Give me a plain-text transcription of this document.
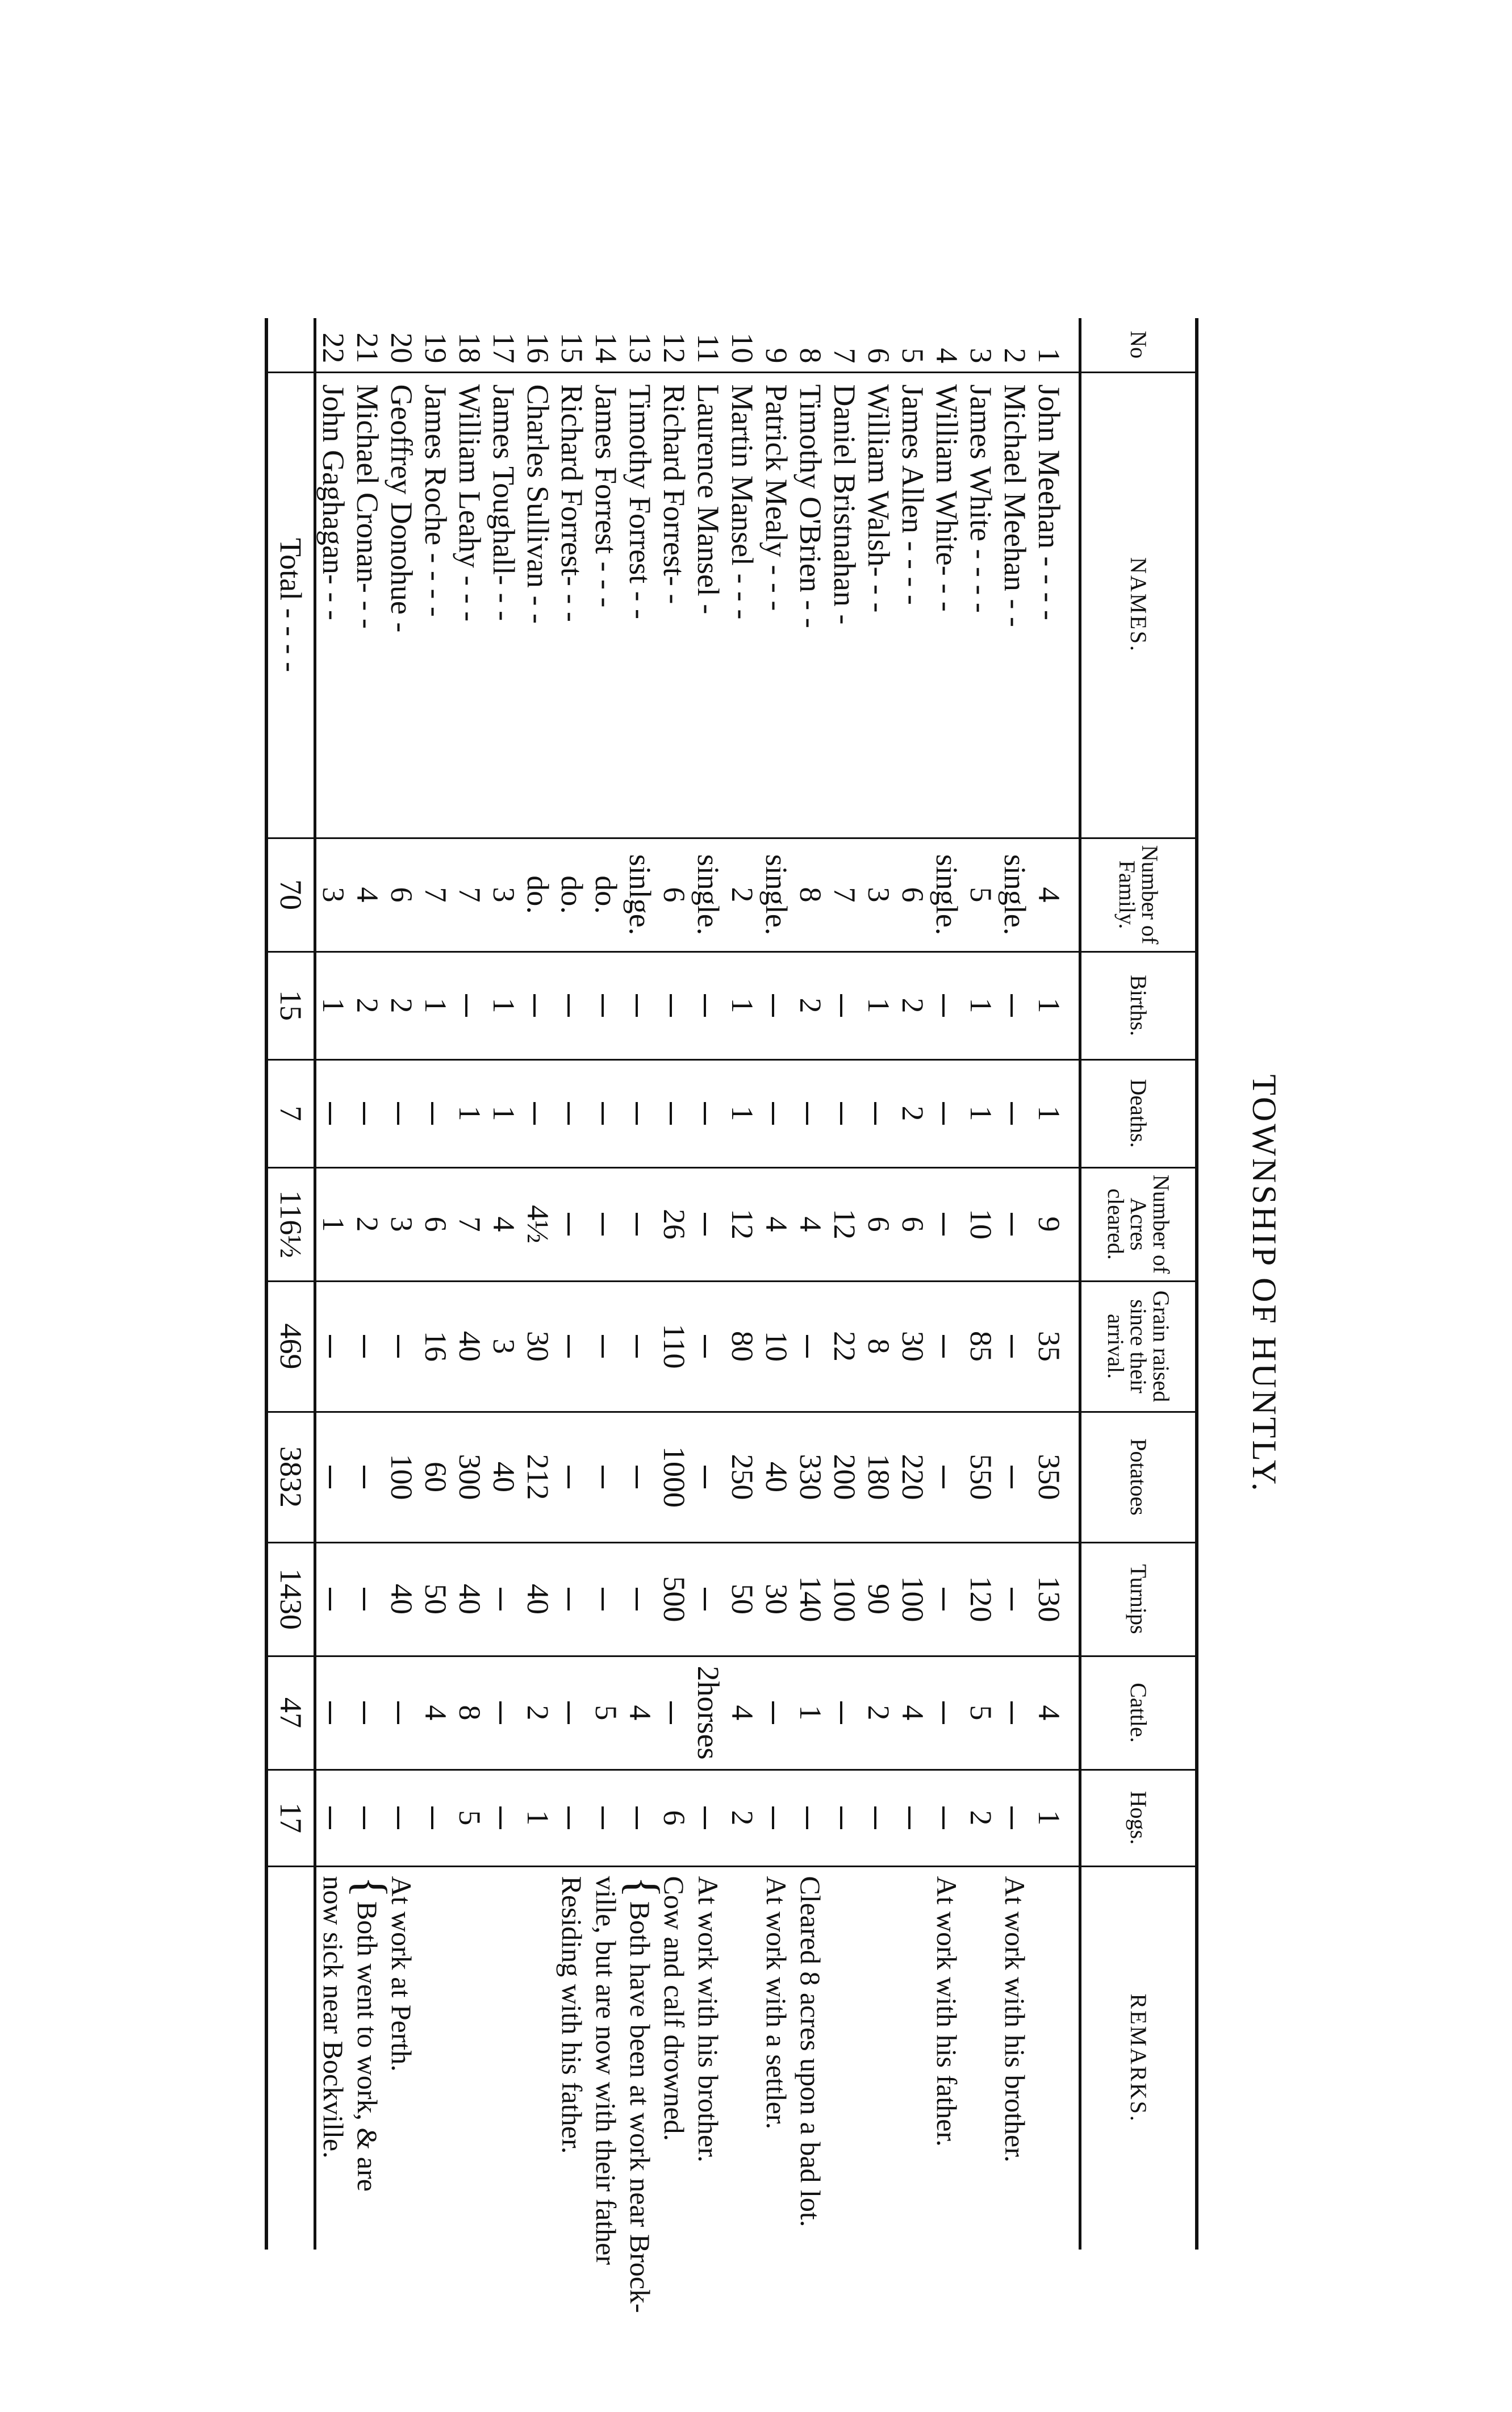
TOWNSHIP OF HUNTLY.
No	NAMES.	Number of Family.	Births.	Deaths.	Number of Acres cleared.	Grain raised since their arrival.	Potatoes	Turnips	Cattle.	Hogs.	REMARKS.
1	John Meehan - - - -	4	1	1	9	35	350	130	4	1	
2	Michael Meehan - -	single.									At work with his brother.
3	James White - - - -	5	1	1	10	85	550	120	5	2	
4	William White- - -	single.									At work with his father.
5	James Allen - - - -	6	2	2	6	30	220	100	4		
6	William Walsh- - -	3	1		6	8	180	90	2		
7	Daniel Bristnahan -	7			12	22	200	100			
8	Timothy O'Brien - -	8	2		4		330	140	1		Cleared 8 acres upon a bad lot.
9	Patrick Mealy - - -	single.			4	10	40	30			At work with a settler.
10	Martin Mansel - - -	2	1	1	12	80	250	50	4	2	
11	Laurence Mansel -	single.							2horses		At work with his brother.
12	Richard Forrest- -	6			26	110	1000	500		6	Cow and calf drowned.
13	Timothy Forrest - -	sinlge.							4		{Both have been at work near Brock-
14	James Forrest - - -	do.							5		ville, but are now with their father
15	Richard Forrest- - -	do.									Residing with his father.
16	Charles Sullivan - -	do.			4½	30	212	40	2	1	
17	James Toughall- - -	3	1	1	4	3	40				
18	William Leahy - - -	7		1	7	40	300	40	8	5	
19	James Roche - - - -	7	1		6	16	60	50	4		
20	Geoffrey Donohue -	6	2		3		100	40			At work at Perth.
21	Michael Cronan- - -	4	2		2						{Both went to work, & are
22	John Gaghagan- - -	3	1		1						now sick near Bockville.
	Total - - - -	70	15	7	116½	469	3832	1430	47	17	
